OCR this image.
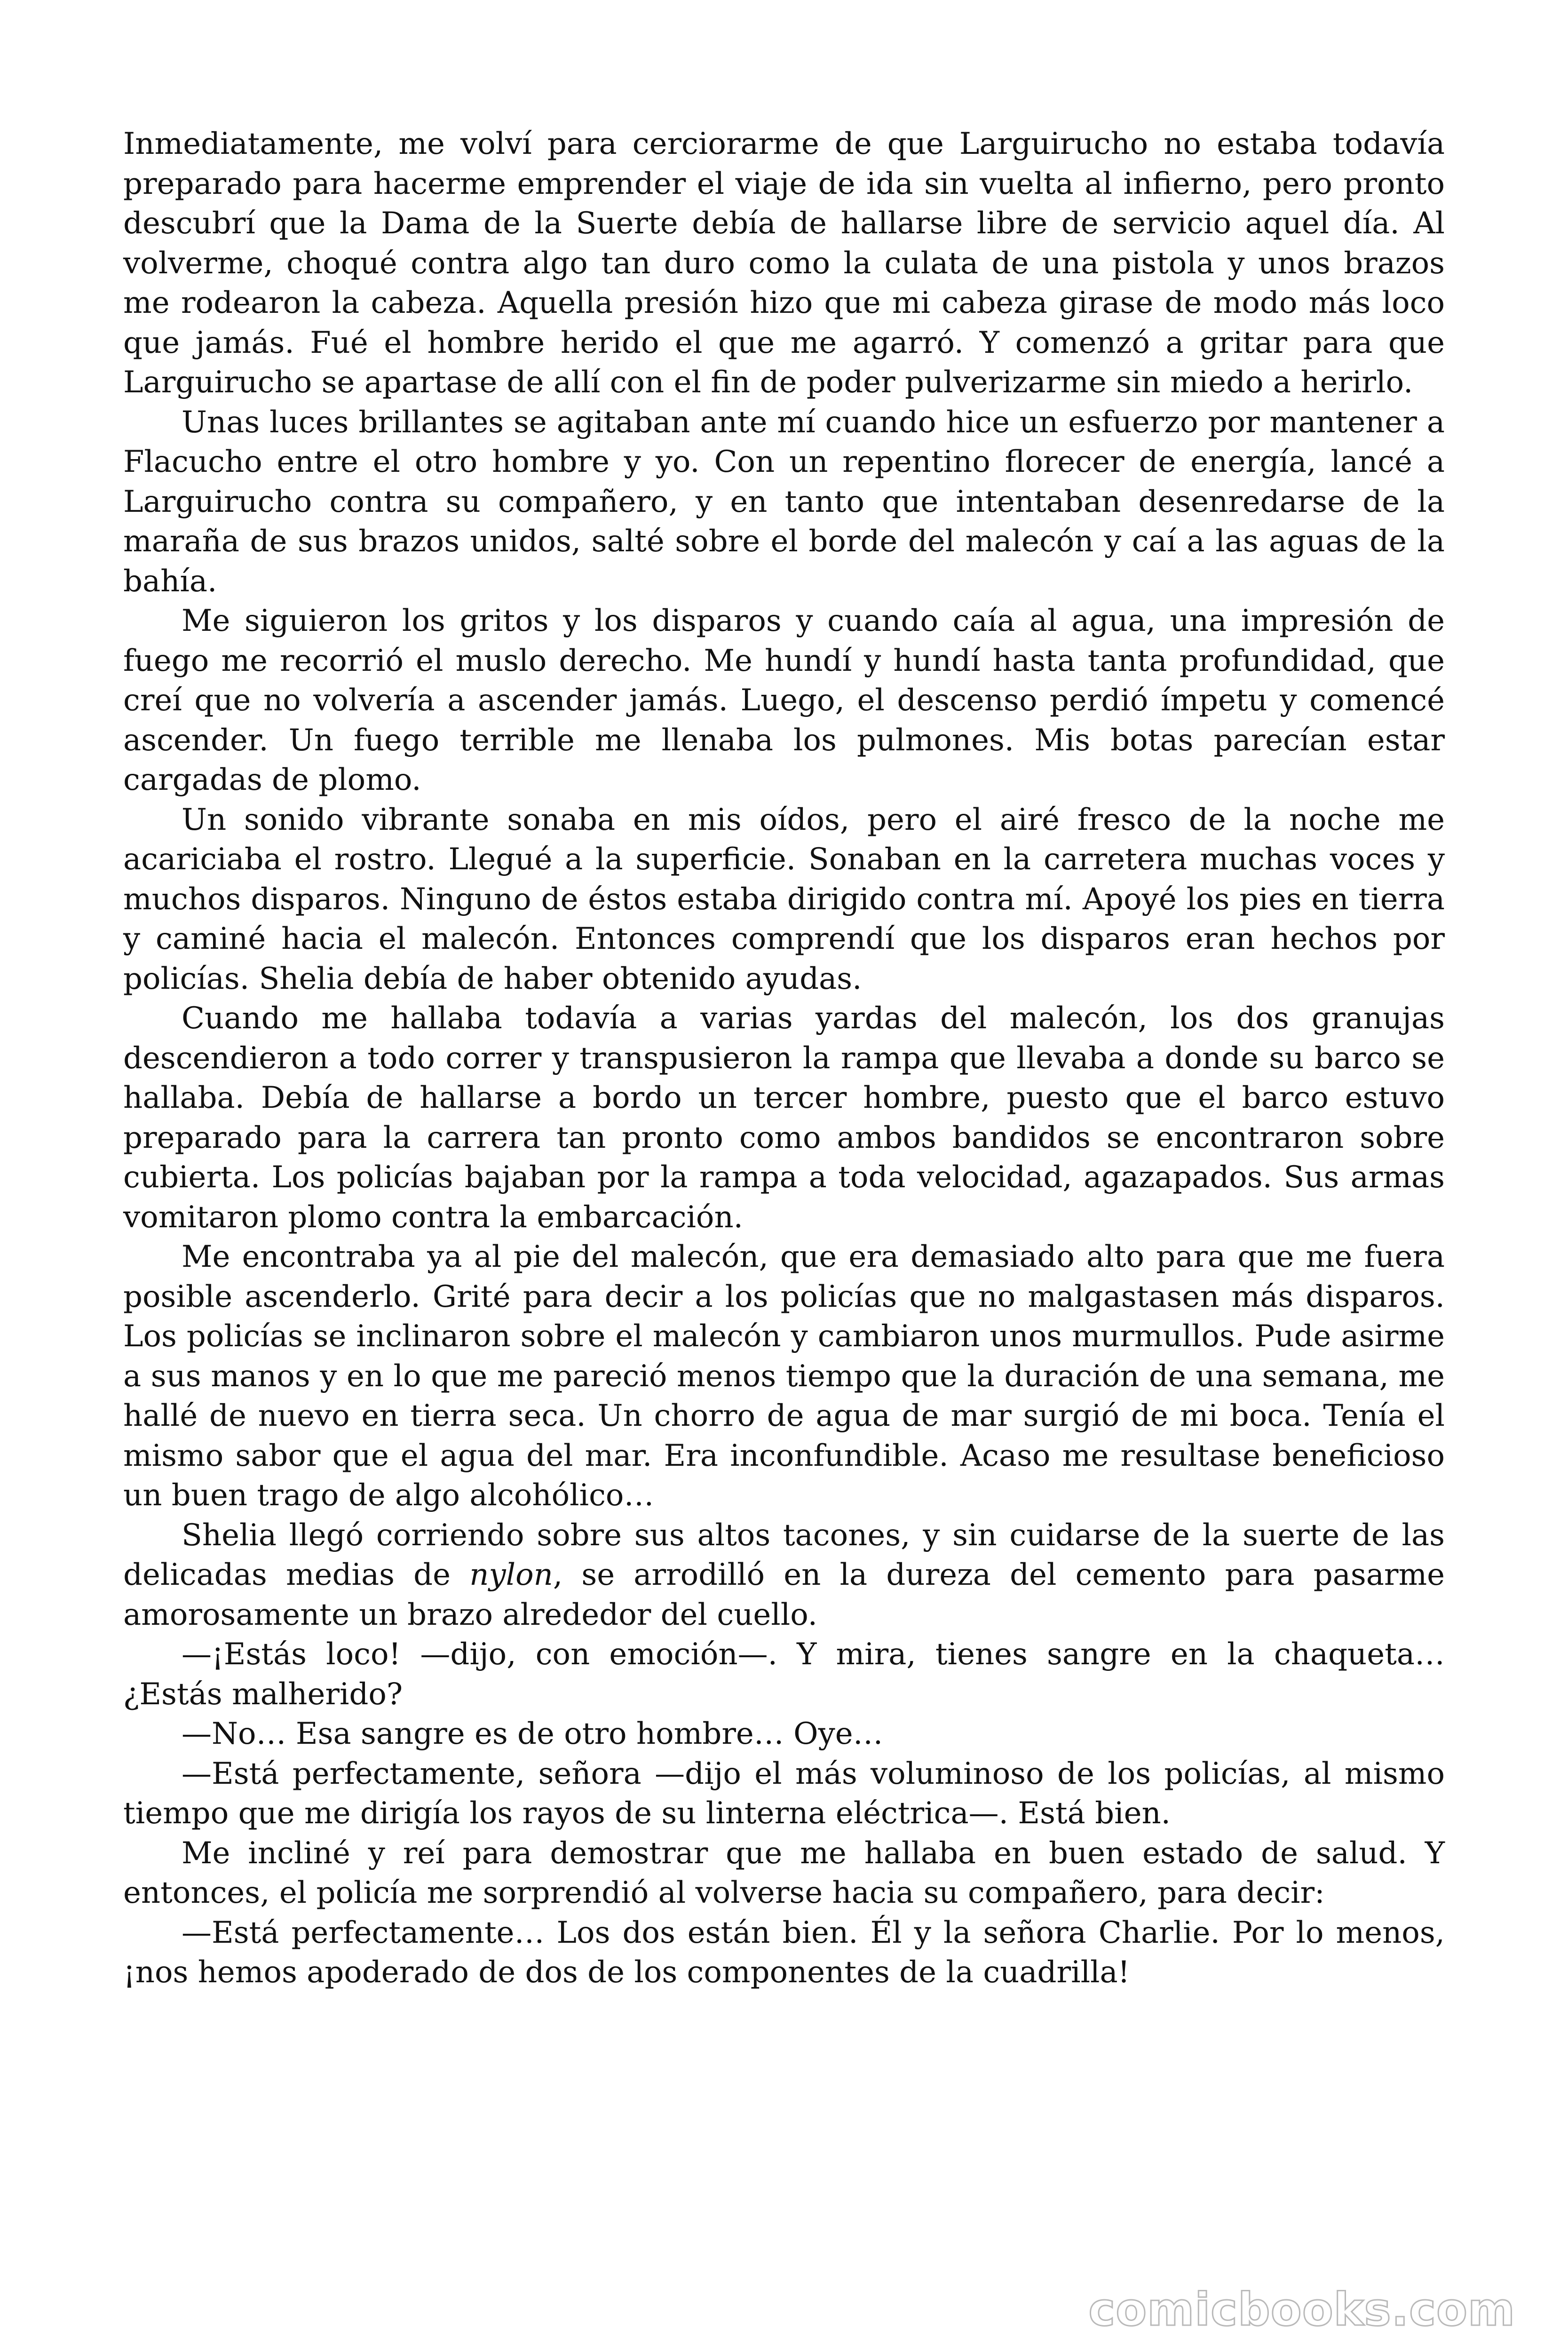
Inmediatamente, me volví para cerciorarme de que Larguirucho no estaba todavía preparado para hacerme emprender el viaje de ida sin vuelta al infierno, pero pronto descubrí que la Dama de la Suerte debía de hallarse libre de servicio aquel día. Al volverme, choqué contra algo tan duro como la culata de una pistola y unos brazos me rodearon la cabeza. Aquella presión hizo que mi cabeza girase de modo más loco que jamás. Fué el hombre herido el que me agarró. Y comenzó a gritar para que Larguirucho se apartase de allí con el fin de poder pulverizarme sin miedo a herirlo.

Unas luces brillantes se agitaban ante mí cuando hice un esfuerzo por mantener a Flacucho entre el otro hombre y yo. Con un repentino florecer de energía, lancé a Larguirucho contra su compañero, y en tanto que intentaban desenredarse de la maraña de sus brazos unidos, salté sobre el borde del malecón y caí a las aguas de la bahía.

Me siguieron los gritos y los disparos y cuando caía al agua, una impresión de fuego me recorrió el muslo derecho. Me hundí y hundí hasta tanta profundidad, que creí que no volvería a ascender jamás. Luego, el descenso perdió ímpetu y comencé ascender. Un fuego terrible me llenaba los pulmones. Mis botas parecían estar cargadas de plomo.

Un sonido vibrante sonaba en mis oídos, pero el airé fresco de la noche me acariciaba el rostro. Llegué a la superficie. Sonaban en la carretera muchas voces y muchos disparos. Ninguno de éstos estaba dirigido contra mí. Apoyé los pies en tierra y caminé hacia el malecón. Entonces comprendí que los disparos eran hechos por policías. Shelia debía de haber obtenido ayudas.

Cuando me hallaba todavía a varias yardas del malecón, los dos granujas descendieron a todo correr y transpusieron la rampa que llevaba a donde su barco se hallaba. Debía de hallarse a bordo un tercer hombre, puesto que el barco estuvo preparado para la carrera tan pronto como ambos bandidos se encontraron sobre cubierta. Los policías bajaban por la rampa a toda velocidad, agazapados. Sus armas vomitaron plomo contra la embarcación.

Me encontraba ya al pie del malecón, que era demasiado alto para que me fuera posible ascenderlo. Grité para decir a los policías que no malgastasen más disparos. Los policías se inclinaron sobre el malecón y cambiaron unos murmullos. Pude asirme a sus manos y en lo que me pareció menos tiempo que la duración de una semana, me hallé de nuevo en tierra seca. Un chorro de agua de mar surgió de mi boca. Tenía el mismo sabor que el agua del mar. Era inconfundible. Acaso me resultase beneficioso un buen trago de algo alcohólico…

Shelia llegó corriendo sobre sus altos tacones, y sin cuidarse de la suerte de las delicadas medias de nylon, se arrodilló en la dureza del cemento para pasarme amorosamente un brazo alrededor del cuello.

—¡Estás loco! —dijo, con emoción—. Y mira, tienes sangre en la chaqueta… ¿Estás malherido?

—No… Esa sangre es de otro hombre… Oye…

—Está perfectamente, señora —dijo el más voluminoso de los policías, al mismo tiempo que me dirigía los rayos de su linterna eléctrica—. Está bien.

Me incliné y reí para demostrar que me hallaba en buen estado de salud. Y entonces, el policía me sorprendió al volverse hacia su compañero, para decir:

—Está perfectamente… Los dos están bien. Él y la señora Charlie. Por lo menos, ¡nos hemos apoderado de dos de los componentes de la cuadrilla!

comicbooks.com
